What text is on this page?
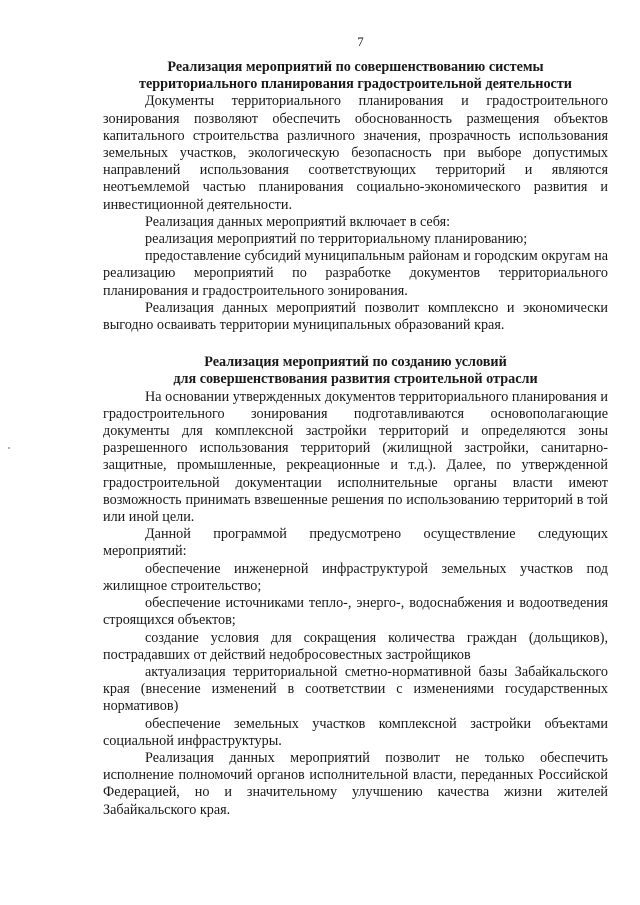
7
Реализация мероприятий по совершенствованию системы
территориального планирования градостроительной деятельности

Документы территориального планирования и градостроительного зонирования позволяют обеспечить обоснованность размещения объектов капитального строительства различного значения, прозрачность использования земельных участков, экологическую безопасность при выборе допустимых направлений использования соответствующих территорий и являются неотъемлемой частью планирования социально-экономического развития и инвестиционной деятельности.

Реализация данных мероприятий включает в себя:

реализация мероприятий по территориальному планированию;

предоставление субсидий муниципальным районам и городским округам на реализацию мероприятий по разработке документов территориального планирования и градостроительного зонирования.

Реализация данных мероприятий позволит комплексно и экономически выгодно осваивать территории муниципальных образований края.

Реализация мероприятий по созданию условий
для совершенствования развития строительной отрасли

На основании утвержденных документов территориального планирования и градостроительного зонирования подготавливаются основополагающие документы для комплексной застройки территорий и определяются зоны разрешенного использования территорий (жилищной застройки, санитарно-защитные, промышленные, рекреационные и т.д.). Далее, по утвержденной градостроительной документации исполнительные органы власти имеют возможность принимать взвешенные решения по использованию территорий в той или иной цели.

Данной программой предусмотрено осуществление следующих мероприятий:

обеспечение инженерной инфраструктурой земельных участков под жилищное строительство;

обеспечение источниками тепло-, энерго-, водоснабжения и водоотведения строящихся объектов;

создание условия для сокращения количества граждан (дольщиков), пострадавших от действий недобросовестных застройщиков

актуализация территориальной сметно-нормативной базы Забайкальского края (внесение изменений в соответствии с изменениями государственных нормативов)

обеспечение земельных участков комплексной застройки объектами социальной инфраструктуры.

Реализация данных мероприятий позволит не только обеспечить исполнение полномочий органов исполнительной власти, переданных Российской Федерацией, но и значительному улучшению качества жизни жителей Забайкальского края.
